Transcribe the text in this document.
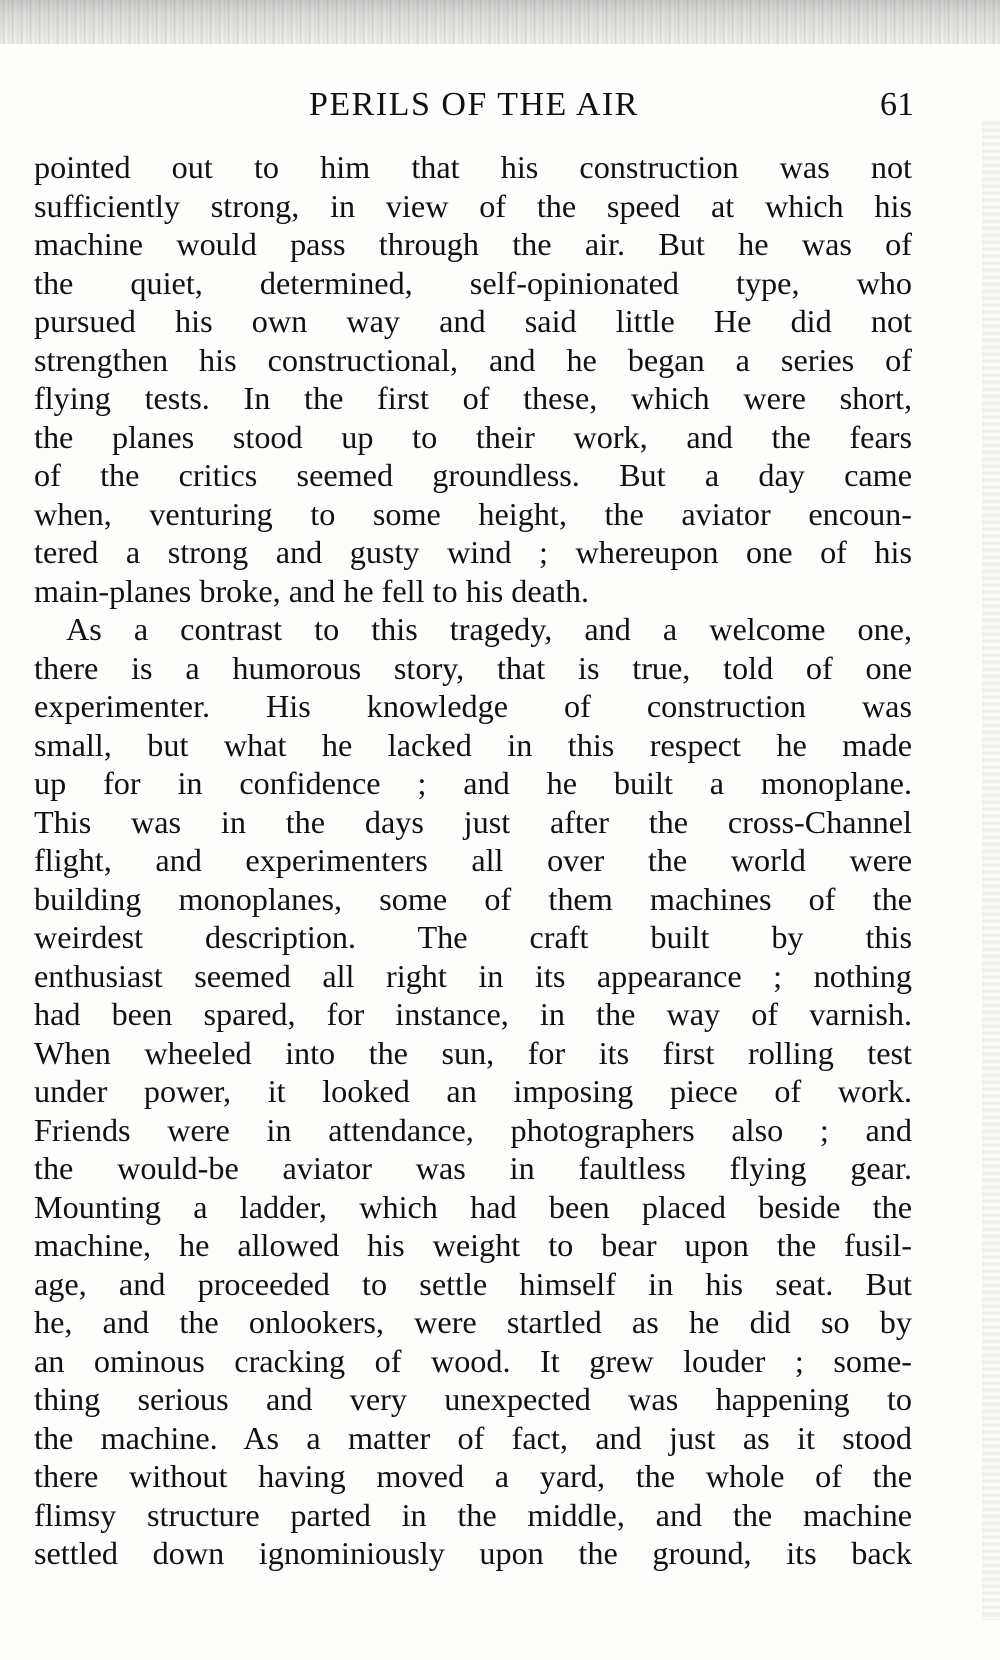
PERILS OF THE AIR	61
pointed out to him that his construction was not
sufficiently strong, in view of the speed at which his
machine would pass through the air. But he was of
the quiet, determined, self-opinionated type, who
pursued his own way and said little He did not
strengthen his constructional, and he began a series of
flying tests. In the first of these, which were short,
the planes stood up to their work, and the fears
of the critics seemed groundless. But a day came
when, venturing to some height, the aviator encoun-
tered a strong and gusty wind ; whereupon one of his
main-planes broke, and he fell to his death.
As a contrast to this tragedy, and a welcome one,
there is a humorous story, that is true, told of one
experimenter. His knowledge of construction was
small, but what he lacked in this respect he made
up for in confidence ; and he built a monoplane.
This was in the days just after the cross-Channel
flight, and experimenters all over the world were
building monoplanes, some of them machines of the
weirdest description. The craft built by this
enthusiast seemed all right in its appearance ; nothing
had been spared, for instance, in the way of varnish.
When wheeled into the sun, for its first rolling test
under power, it looked an imposing piece of work.
Friends were in attendance, photographers also ; and
the would-be aviator was in faultless flying gear.
Mounting a ladder, which had been placed beside the
machine, he allowed his weight to bear upon the fusil-
age, and proceeded to settle himself in his seat. But
he, and the onlookers, were startled as he did so by
an ominous cracking of wood. It grew louder ; some-
thing serious and very unexpected was happening to
the machine. As a matter of fact, and just as it stood
there without having moved a yard, the whole of the
flimsy structure parted in the middle, and the machine
settled down ignominiously upon the ground, its back
